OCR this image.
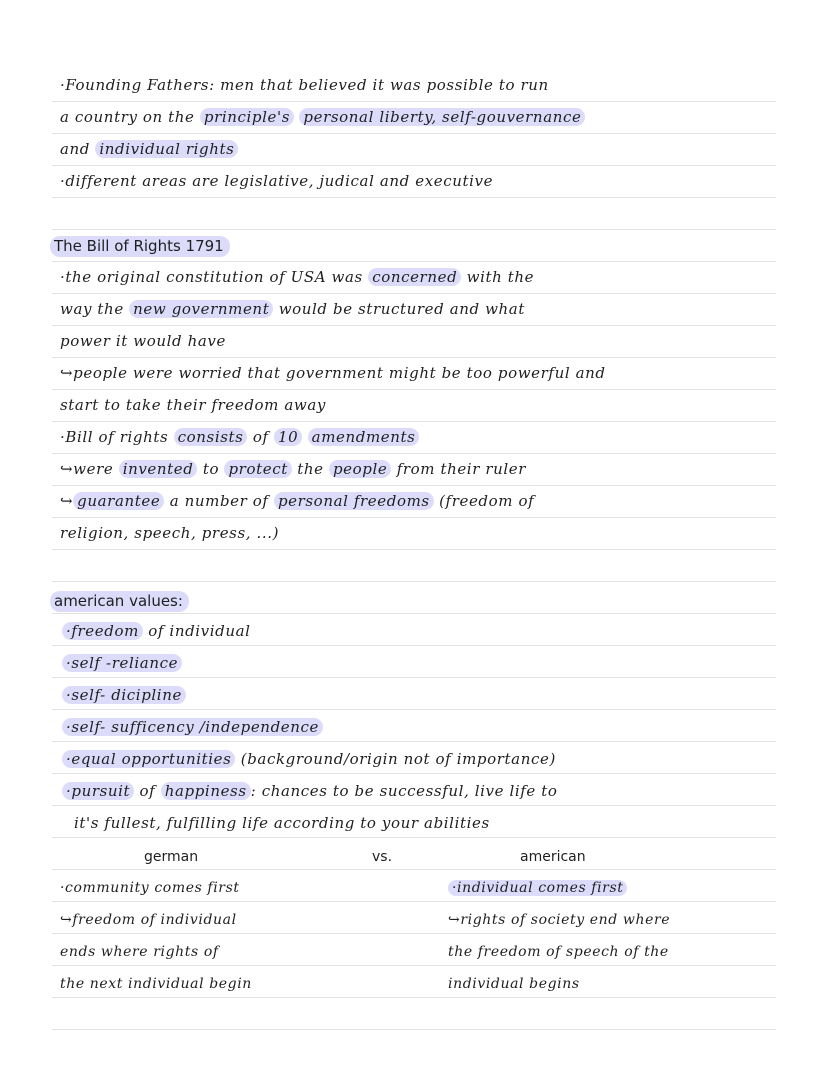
·Founding Fathers: men that believed it was possible to run
a country on the principle's personal liberty, self-gouvernance
and individual rights
·different areas are legislative, judical and executive
The Bill of Rights 1791
·the original constitution of USA was concerned with the
way the new government would be structured and what
power it would have
↪people were worried that government might be too powerful and
start to take their freedom away
·Bill of rights consists of 10 amendments
↪were invented to protect the people from their ruler
↪ guarantee a number of personal freedoms (freedom of
religion, speech, press, ...)
american values:
·freedom of individual
·self -reliance
·self- dicipline
·self- sufficency /independence
·equal opportunities (background/origin not of importance)
·pursuit of happiness : chances to be successful, live life to
it's fullest, fulfilling life according to your abilities
german	vs.	american
·community comes first
↪freedom of individual
ends where rights of
the next individual begin
·individual comes first
↪rights of society end where
the freedom of speech of the
individual begins
